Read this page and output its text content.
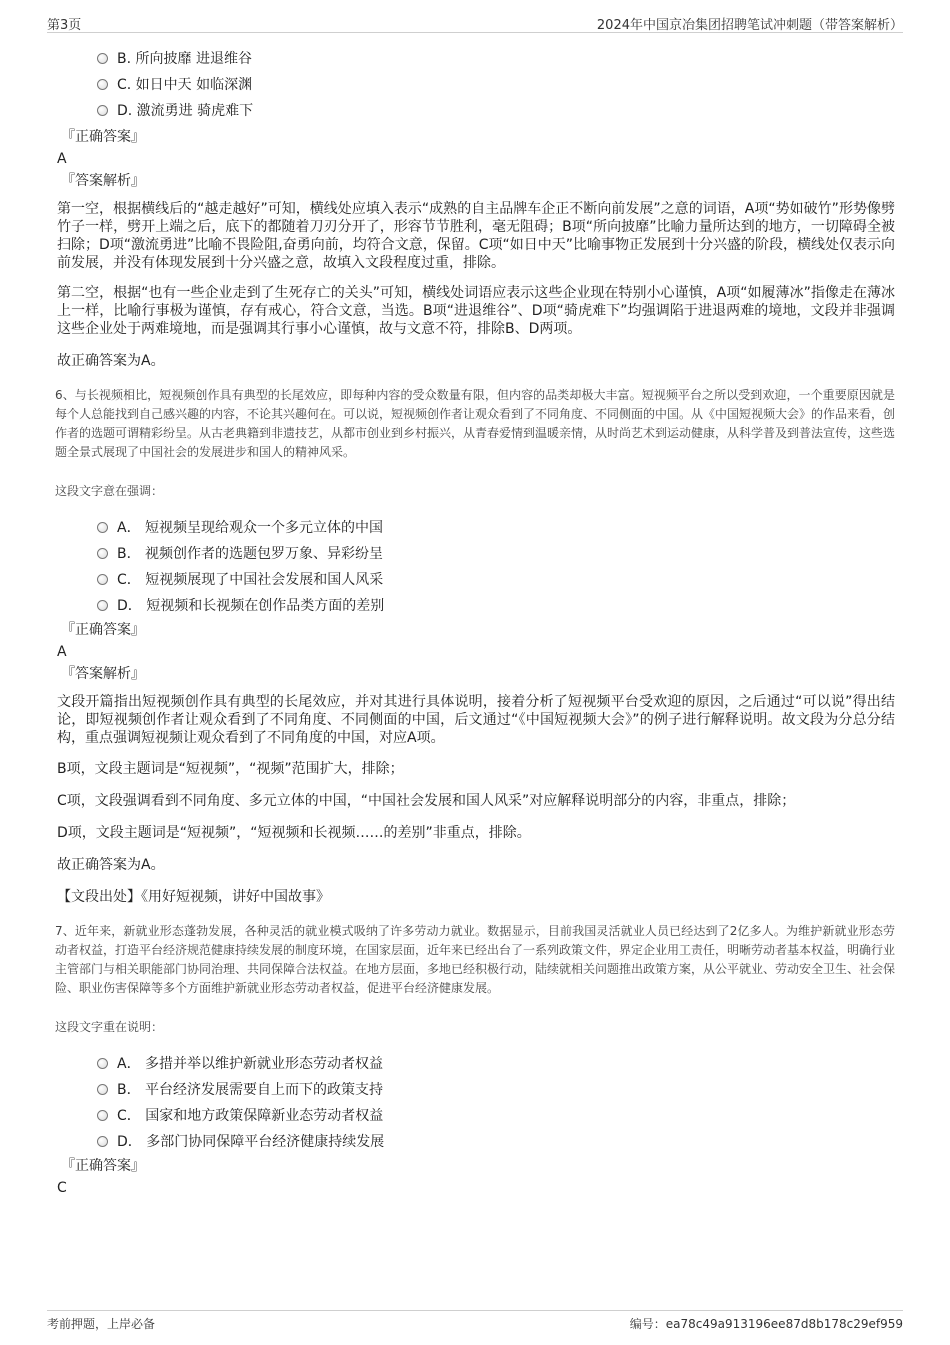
第3页	2024年中国京冶集团招聘笔试冲刺题（带答案解析）
B. 所向披靡 进退维谷
C. 如日中天 如临深渊
D. 激流勇进 骑虎难下
『正确答案』
A
『答案解析』

第一空，根据横线后的“越走越好”可知，横线处应填入表示“成熟的自主品牌车企正不断向前发展”之意的词语，A项“势如破竹”形势像劈竹子一样，劈开上端之后，底下的都随着刀刃分开了，形容节节胜利，毫无阻碍；B项“所向披靡”比喻力量所达到的地方，一切障碍全被扫除；D项“激流勇进”比喻不畏险阻,奋勇向前，均符合文意，保留。C项“如日中天”比喻事物正发展到十分兴盛的阶段，横线处仅表示向前发展，并没有体现发展到十分兴盛之意，故填入文段程度过重，排除。

第二空，根据“也有一些企业走到了生死存亡的关头”可知，横线处词语应表示这些企业现在特别小心谨慎，A项“如履薄冰”指像走在薄冰上一样，比喻行事极为谨慎，存有戒心，符合文意，当选。B项“进退维谷”、D项“骑虎难下”均强调陷于进退两难的境地，文段并非强调这些企业处于两难境地，而是强调其行事小心谨慎，故与文意不符，排除B、D两项。

故正确答案为A。

6、与长视频相比，短视频创作具有典型的长尾效应，即每种内容的受众数量有限，但内容的品类却极大丰富。短视频平台之所以受到欢迎，一个重要原因就是每个人总能找到自己感兴趣的内容，不论其兴趣何在。可以说，短视频创作者让观众看到了不同角度、不同侧面的中国。从《中国短视频大会》的作品来看，创作者的选题可谓精彩纷呈。从古老典籍到非遗技艺，从都市创业到乡村振兴，从青春爱情到温暖亲情，从时尚艺术到运动健康，从科学普及到普法宣传，这些选题全景式展现了中国社会的发展进步和国人的精神风采。

这段文字意在强调：

A． 短视频呈现给观众一个多元立体的中国
B． 视频创作者的选题包罗万象、异彩纷呈
C． 短视频展现了中国社会发展和国人风采
D． 短视频和长视频在创作品类方面的差别
『正确答案』
A
『答案解析』

文段开篇指出短视频创作具有典型的长尾效应，并对其进行具体说明，接着分析了短视频平台受欢迎的原因，之后通过“可以说”得出结论，即短视频创作者让观众看到了不同角度、不同侧面的中国，后文通过“《中国短视频大会》”的例子进行解释说明。故文段为分总分结构，重点强调短视频让观众看到了不同角度的中国，对应A项。

B项，文段主题词是“短视频”，“视频”范围扩大，排除；

C项，文段强调看到不同角度、多元立体的中国，“中国社会发展和国人风采”对应解释说明部分的内容，非重点，排除；

D项，文段主题词是“短视频”，“短视频和长视频……的差别”非重点，排除。

故正确答案为A。

【文段出处】《用好短视频，讲好中国故事》

7、近年来，新就业形态蓬勃发展，各种灵活的就业模式吸纳了许多劳动力就业。数据显示，目前我国灵活就业人员已经达到了2亿多人。为维护新就业形态劳动者权益，打造平台经济规范健康持续发展的制度环境，在国家层面，近年来已经出台了一系列政策文件，界定企业用工责任，明晰劳动者基本权益，明确行业主管部门与相关职能部门协同治理、共同保障合法权益。在地方层面，多地已经积极行动，陆续就相关问题推出政策方案，从公平就业、劳动安全卫生、社会保险、职业伤害保障等多个方面维护新就业形态劳动者权益，促进平台经济健康发展。

这段文字重在说明：

A． 多措并举以维护新就业形态劳动者权益
B． 平台经济发展需要自上而下的政策支持
C． 国家和地方政策保障新业态劳动者权益
D． 多部门协同保障平台经济健康持续发展
『正确答案』
C
考前押题，上岸必备	编号：ea78c49a913196ee87d8b178c29ef959
